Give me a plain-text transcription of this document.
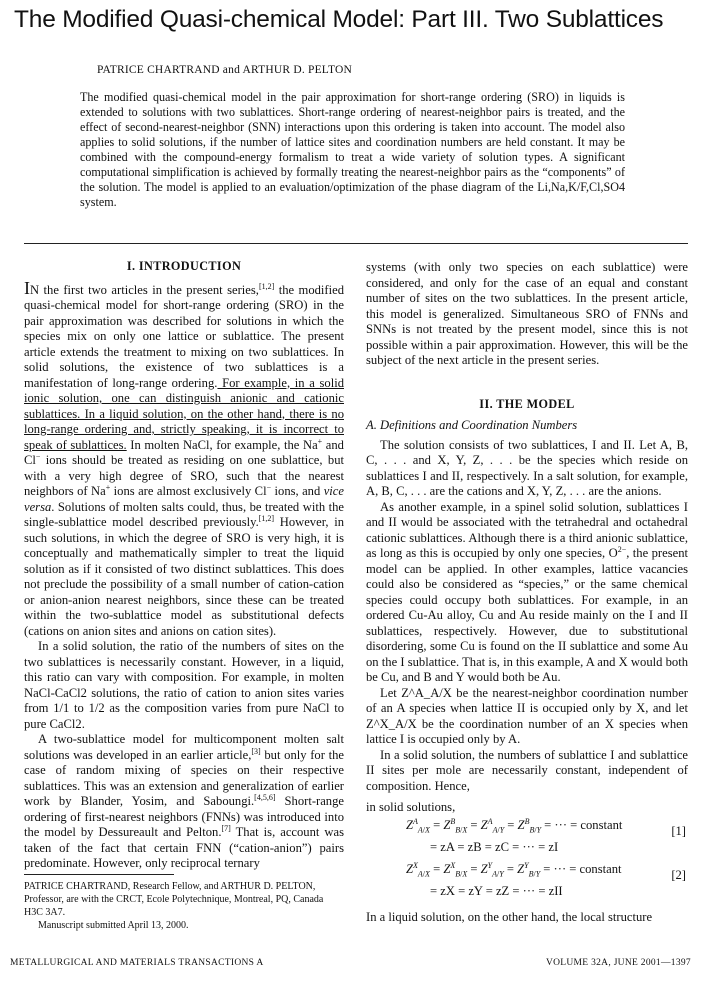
The Modified Quasi-chemical Model: Part III. Two Sublattices
PATRICE CHARTRAND and ARTHUR D. PELTON
The modified quasi-chemical model in the pair approximation for short-range ordering (SRO) in liquids is extended to solutions with two sublattices. Short-range ordering of nearest-neighbor pairs is treated, and the effect of second-nearest-neighbor (SNN) interactions upon this ordering is taken into account. The model also applies to solid solutions, if the number of lattice sites and coordination numbers are held constant. It may be combined with the compound-energy formalism to treat a wide variety of solution types. A significant computational simplification is achieved by formally treating the nearest-neighbor pairs as the “components” of the solution. The model is applied to an evaluation/optimization of the phase diagram of the Li,Na,K/F,Cl,SO4 system.
I. INTRODUCTION

IN the first two articles in the present series,[1,2] the modified quasi-chemical model for short-range ordering (SRO) in the pair approximation was described for solutions in which the species mix on only one lattice or sublattice. The present article extends the treatment to mixing on two sublattices. In solid solutions, the existence of two sublattices is a manifestation of long-range ordering. For example, in a solid ionic solution, one can distinguish anionic and cationic sublattices. In a liquid solution, on the other hand, there is no long-range ordering and, strictly speaking, it is incorrect to speak of sublattices. In molten NaCl, for example, the Na+ and Cl− ions should be treated as residing on one sublattice, but with a very high degree of SRO, such that the nearest neighbors of Na+ ions are almost exclusively Cl− ions, and vice versa. Solutions of molten salts could, thus, be treated with the single-sublattice model described previously.[1,2] However, in such solutions, in which the degree of SRO is very high, it is conceptually and mathematically simpler to treat the liquid solution as if it consisted of two distinct sublattices. This does not preclude the possibility of a small number of cation-cation or anion-anion nearest neighbors, since these can be treated within the two-sublattice model as substitutional defects (cations on anion sites and anions on cation sites).

In a solid solution, the ratio of the numbers of sites on the two sublattices is necessarily constant. However, in a liquid, this ratio can vary with composition. For example, in molten NaCl-CaCl2 solutions, the ratio of cation to anion sites varies from 1/1 to 1/2 as the composition varies from pure NaCl to pure CaCl2.

A two-sublattice model for multicomponent molten salt solutions was developed in an earlier article,[3] but only for the case of random mixing of species on their respective sublattices. This was an extension and generalization of earlier work by Blander, Yosim, and Saboungi.[4,5,6] Short-range ordering of first-nearest neighbors (FNNs) was introduced into the model by Dessureault and Pelton.[7] That is, account was taken of the fact that certain FNN (“cation-anion”) pairs predominate. However, only reciprocal ternary

PATRICE CHARTRAND, Research Fellow, and ARTHUR D. PELTON, Professor, are with the CRCT, Ecole Polytechnique, Montreal, PQ, Canada H3C 3A7.

Manuscript submitted April 13, 2000.

systems (with only two species on each sublattice) were considered, and only for the case of an equal and constant number of sites on the two sublattices. In the present article, this model is generalized. Simultaneous SRO of FNNs and SNNs is not treated by the present model, since this is not possible within a pair approximation. However, this will be the subject of the next article in the present series.

II. THE MODEL
A. Definitions and Coordination Numbers

The solution consists of two sublattices, I and II. Let A, B, C, . . . and X, Y, Z, . . . be the species which reside on sublattices I and II, respectively. In a salt solution, for example, A, B, C, . . . are the cations and X, Y, Z, . . . are the anions.

As another example, in a spinel solid solution, sublattices I and II would be associated with the tetrahedral and octahedral cationic sublattices. Although there is a third anionic sublattice, as long as this is occupied by only one species, $O^{2-}$, the present model can be applied. In other examples, lattice vacancies could also be considered as “species,” or the same chemical species could occupy both sublattices. For example, in an ordered Cu-Au alloy, Cu and Au reside mainly on the I and II sublattices, respectively. However, due to substitutional disordering, some Cu is found on the II sublattice and some Au on the I sublattice. That is, in this example, A and X would both be Cu, and B and Y would both be Au.

Let Z^A_A/X be the nearest-neighbor coordination number of an A species when lattice II is occupied only by X, and let Z^X_A/X be the coordination number of an X species when lattice I is occupied only by A.

In a solid solution, the numbers of sublattice I and sublattice II sites per mole are necessarily constant, independent of composition. Hence,

in solid solutions,

$Z^A_{A/X} = Z^B_{B/X} = Z^A_{A/Y} = Z^B_{B/Y}$ = ··· = constant	[1]
= zA = zB = zC = ··· = zI
$Z^X_{A/X} = Z^X_{B/X} = Z^Y_{A/Y} = Z^Y_{B/Y}$ = ··· = constant	[2]
= zX = zY = zZ = ··· = zII

In a liquid solution, on the other hand, the local structure

METALLURGICAL AND MATERIALS TRANSACTIONS A	VOLUME 32A, JUNE 2001—1397
